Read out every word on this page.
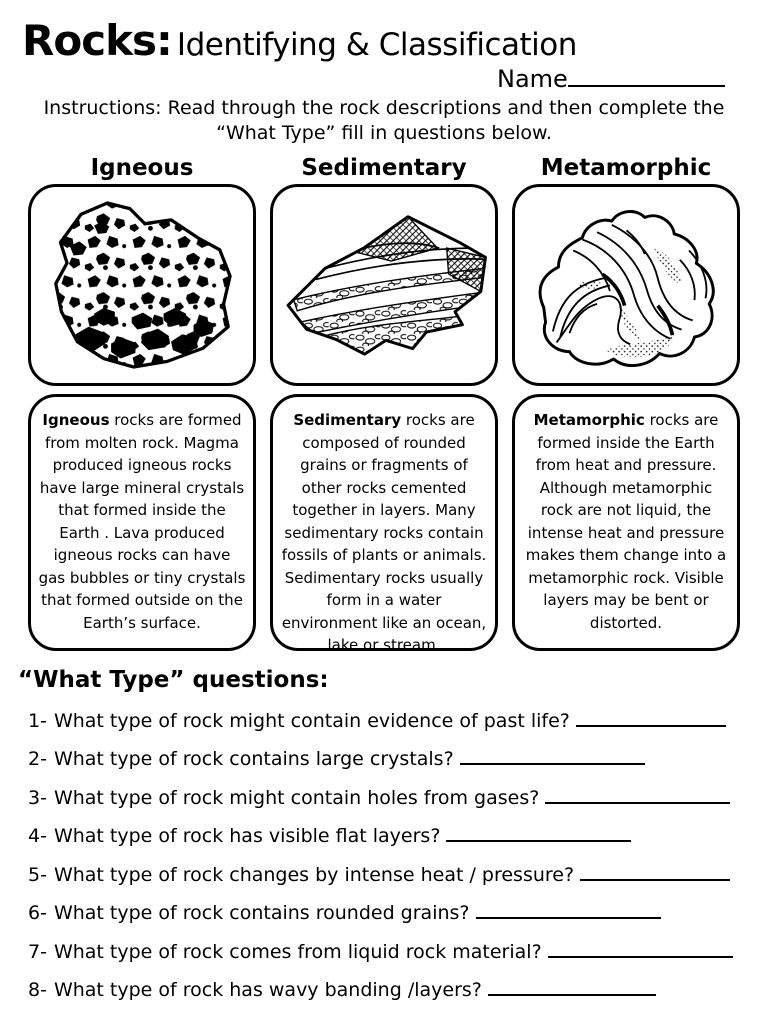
Rocks: Identifying & Classification
Name
Instructions: Read through the rock descriptions and then complete the
“What Type” fill in questions below.
Igneous	Sedimentary	Metamorphic
Igneous rocks are formed from molten rock. Magma produced igneous rocks have large mineral crystals that formed inside the Earth . Lava produced igneous rocks can have gas bubbles or tiny crystals that formed outside on the Earth’s surface.
Sedimentary rocks are composed of rounded grains or fragments of other rocks cemented together in layers. Many sedimentary rocks contain fossils of plants or animals. Sedimentary rocks usually form in a water environment like an ocean, lake or stream.
Metamorphic rocks are formed inside the Earth from heat and pressure. Although metamorphic rock are not liquid, the intense heat and pressure makes them change into a metamorphic rock. Visible layers may be bent or distorted.
“What Type” questions:
1- What type of rock might contain evidence of past life?
2- What type of rock contains large crystals?
3- What type of rock might contain holes from gases?
4- What type of rock has visible flat layers?
5- What type of rock changes by intense heat / pressure?
6- What type of rock contains rounded grains?
7- What type of rock comes from liquid rock material?
8- What type of rock has wavy banding /layers?
